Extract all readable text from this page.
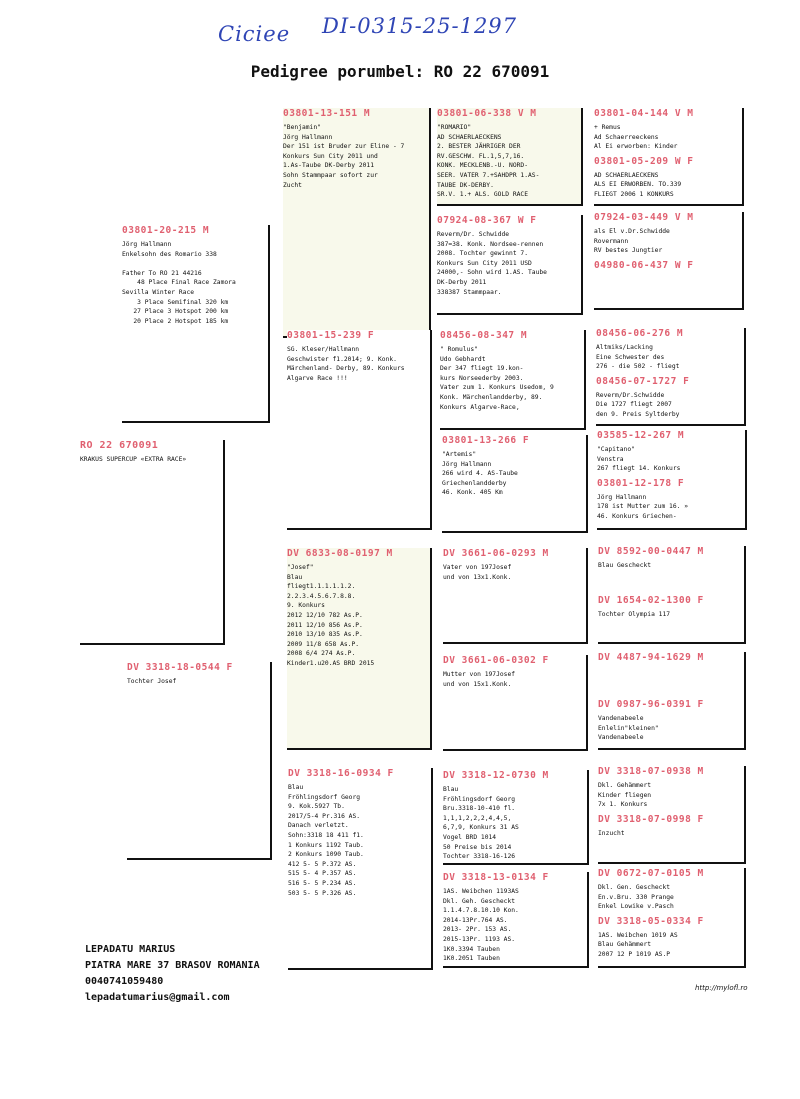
Ciciee DI-0315-25-1297
Pedigree porumbel: RO 22 670091
RO 22 670091
KRAKUS SUPERCUP «EXTRA RACE»
03801-20-215 M
Jörg Hallmann
Enkelsohn des Romario 338

Father To RO 21 44216
48 Place Final Race Zamora
Sevilla Winter Race
3 Place Semifinal 320 km
27 Place 3 Hotspot 200 km
20 Place 2 Hotspot 185 km
DV 3318-18-0544 F
Tochter Josef
03801-13-151 M
"Benjamin"
Jörg Hallmann
Der 151 ist Bruder zur Eline - 7
Konkurs Sun City 2011 und
1.As-Taube DK-Derby 2011
Sohn Stammpaar sofort zur
Zucht
03801-15-239 F
SG. Kleser/Hallmann
Geschwister f1.2014; 9. Konk.
Märchenland- Derby, 89. Konkurs
Algarve Race !!!
DV 6833-08-0197 M
"Josef"
Blau
fliegt1.1.1.1.1.2.
2.2.3.4.5.6.7.8.8.
9. Konkurs
2012 12/10 782 As.P.
2011 12/10 856 As.P.
2010 13/10 835 As.P.
2009 11/8 658 As.P.
2008 6/4 274 As.P.
Kinder1.u20.AS BRD 2015
DV 3318-16-0934 F
Blau
Fröhlingsdorf Georg
9. Kok.5927 Tb.
2017/5-4 Pr.316 AS.
Danach verletzt.
Sohn:3318 18 411 f1.
1 Konkurs 1192 Taub.
2 Konkurs 1090 Taub.
412 5- 5 P.372 AS.
515 5- 4 P.357 AS.
516 5- 5 P.234 AS.
503 5- 5 P.326 AS.
03801-06-338 V M
"ROMARIO"
AD SCHAERLAECKENS
2. BESTER JÄHRIGER DER
RV.GESCHW. FL.1,5,7,16.
KONK. MECKLENB.-U. NORD-
SEER. VATER 7.+SAHDPR 1.AS-
TAUBE DK-DERBY.
SR.V. 1.+ ALS. GOLD RACE
07924-08-367 W F
Reverm/Dr. Schwidde
387=38. Konk. Nordsee-rennen
2008. Tochter gewinnt 7.
Konkurs Sun City 2011 USD
24000,- Sohn wird 1.AS. Taube
DK-Derby 2011
338387 Stammpaar.
08456-08-347 M
" Romulus"
Udo Gebhardt
Der 347 fliegt 19.kon-
kurs Norseederby 2003.
Vater zum 1. Konkurs Usedom, 9
Konk. Märchenlandderby, 89.
Konkurs Algarve-Race,
03801-13-266 F
"Artemis"
Jörg Hallmann
266 wird 4. AS-Taube
Griechenlandderby
46. Konk. 405 Km
DV 3661-06-0293 M
Vater von 197Josef
und von 13x1.Konk.
DV 3661-06-0302 F
Mutter von 197Josef
und von 15x1.Konk.
DV 3318-12-0730 M
Blau
Fröhlingsdorf Georg
Bru.3318-10-410 fl.
1,1,1,2,2,2,4,4,5,
6,7,9, Konkurs 31 AS
Vogel BRD 1014
50 Preise bis 2014
Tochter 3318-16-126
DV 3318-13-0134 F
1AS. Weibchen 1193AS
Dkl. Geh. Gescheckt
1.1.4.7.8.10.10 Kon.
2014-13Pr.764 AS.
2013- 2Pr. 153 AS.
2015-13Pr. 1193 AS.
1K0.3394 Tauben
1K0.2051 Tauben
03801-04-144 V M
+ Remus
Ad Schaerreeckens
Al Ei erworben: Kinder
03801-05-209 W F
AD SCHAERLAECKENS
ALS EI ERWORBEN. TO.339
FLIEGT 2006 1 KONKURS
07924-03-449 V M
als El v.Dr.Schwidde
Rovermann
RV bestes Jungtier
04980-06-437 W F
08456-06-276 M
Altmiks/Lacking
Eine Schwester des
276 - die 502 - fliegt
08456-07-1727 F
Reverm/Dr.Schwidde
Die 1727 fliegt 2007
den 9. Preis Syltderby
03585-12-267 M
"Capitano"
Venstra
267 fliegt 14. Konkurs
03801-12-178 F
Jörg Hallmann
178 ist Mutter zum 16. »
46. Konkurs Griechen-
DV 8592-00-0447 M
Blau Gescheckt
DV 1654-02-1300 F
Tochter Olympia 117
DV 4487-94-1629 M
DV 0987-96-0391 F
Vandenabeele
Enlelin"kleinen"
Vandenabeele
DV 3318-07-0938 M
Dkl. Gehämmert
Kinder fliegen
7x 1. Konkurs
DV 3318-07-0998 F
Inzucht
DV 0672-07-0105 M
Dkl. Gen. Gescheckt
En.v.Bru. 330 Prange
Enkel Lowike v.Pasch
DV 3318-05-0334 F
1AS. Weibchen 1019 AS
Blau Gehämmert
2007 12 P 1019 AS.P
LEPADATU MARIUS
PIATRA MARE 37 BRASOV ROMANIA
0040741059480
lepadatumarius@gmail.com
http://mylofl.ro
